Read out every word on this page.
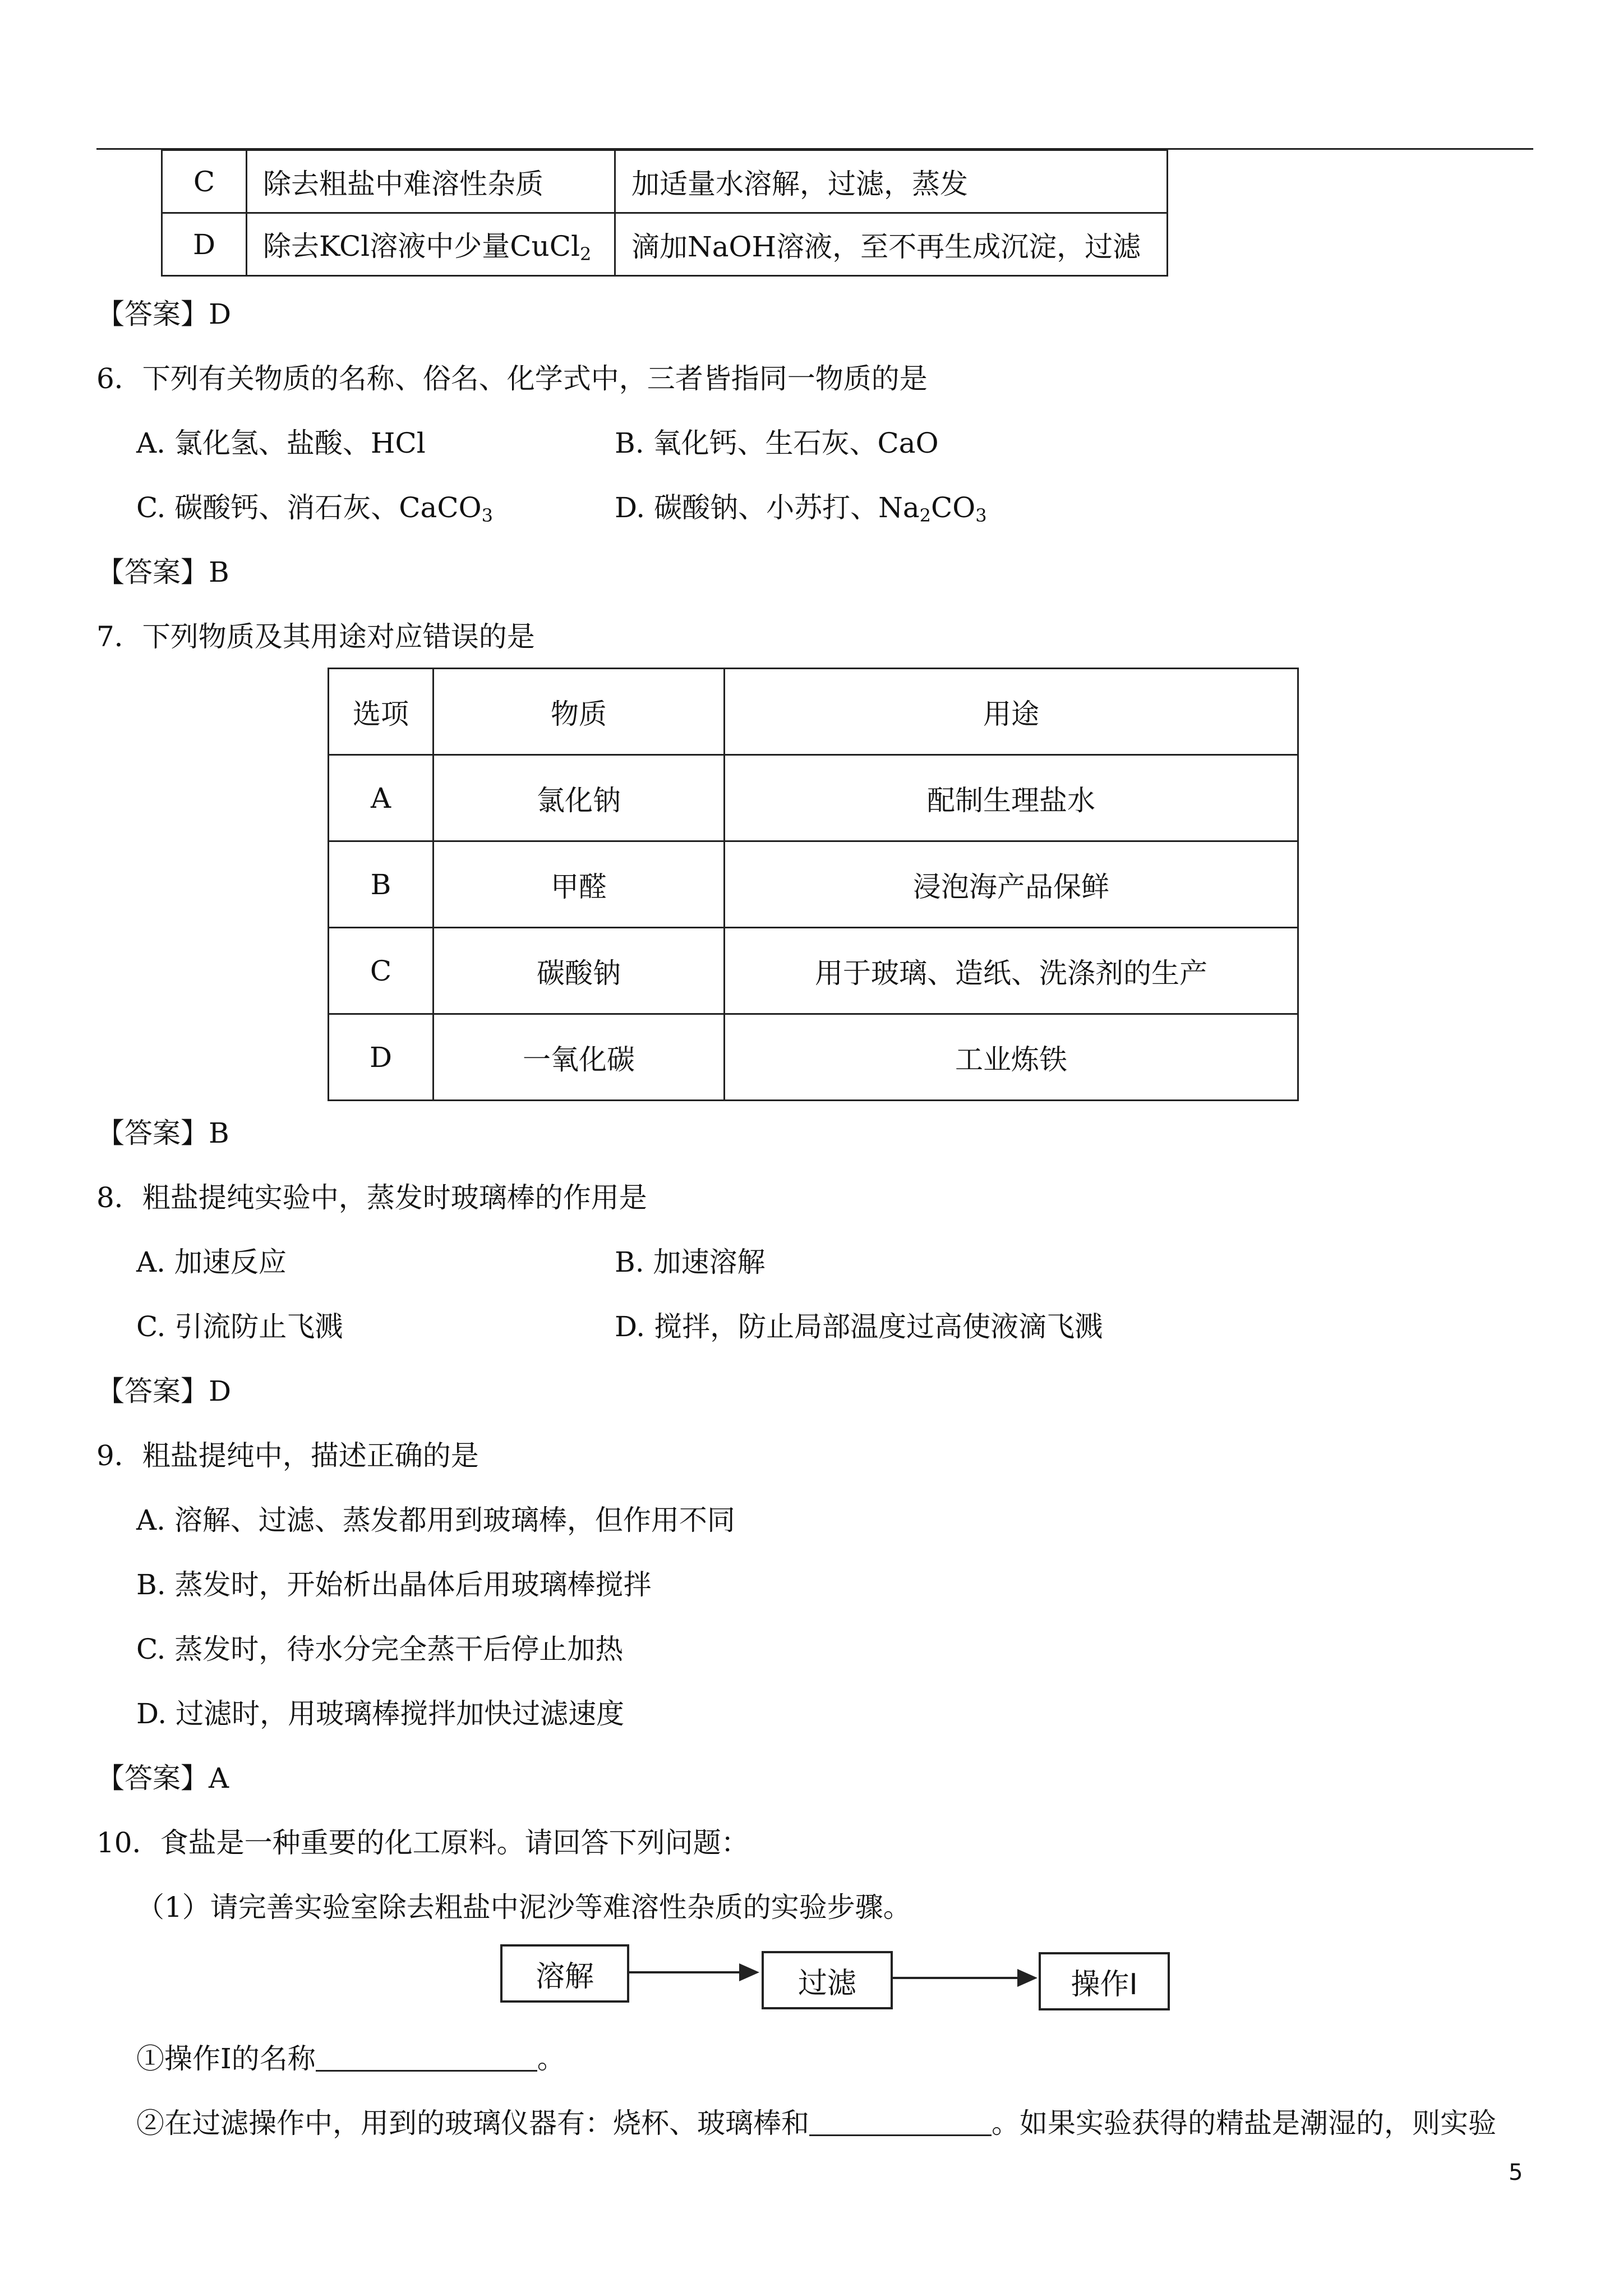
C	除去粗盐中难溶性杂质	加适量水溶解，过滤，蒸发
D	除去KCl溶液中少量CuCl$_2$	滴加NaOH溶液，至不再生成沉淀，过滤
【答案】D
6．下列有关物质的名称、俗名、化学式中，三者皆指同一物质的是
A. 氯化氢、盐酸、HCl	B. 氧化钙、生石灰、CaO
C. 碳酸钙、消石灰、CaCO$_3$	D. 碳酸钠、小苏打、$Na_2CO_3$
【答案】B
7．下列物质及其用途对应错误的是
选项	物质	用途
A	氯化钠	配制生理盐水
B	甲醛	浸泡海产品保鲜
C	碳酸钠	用于玻璃、造纸、洗涤剂的生产
D	一氧化碳	工业炼铁
【答案】B
8．粗盐提纯实验中，蒸发时玻璃棒的作用是
A. 加速反应	B. 加速溶解
C. 引流防止飞溅	D. 搅拌，防止局部温度过高使液滴飞溅
【答案】D
9．粗盐提纯中，描述正确的是
A. 溶解、过滤、蒸发都用到玻璃棒，但作用不同
B. 蒸发时，开始析出晶体后用玻璃棒搅拌
C. 蒸发时，待水分完全蒸干后停止加热
D. 过滤时，用玻璃棒搅拌加快过滤速度
【答案】A
10．食盐是一种重要的化工原料。请回答下列问题：
（1）请完善实验室除去粗盐中泥沙等难溶性杂质的实验步骤。
溶解	过滤	操作Ⅰ
①操作Ⅰ的名称	。
②在过滤操作中，用到的玻璃仪器有：烧杯、玻璃棒和	。如果实验获得的精盐是潮湿的，则实验
5
